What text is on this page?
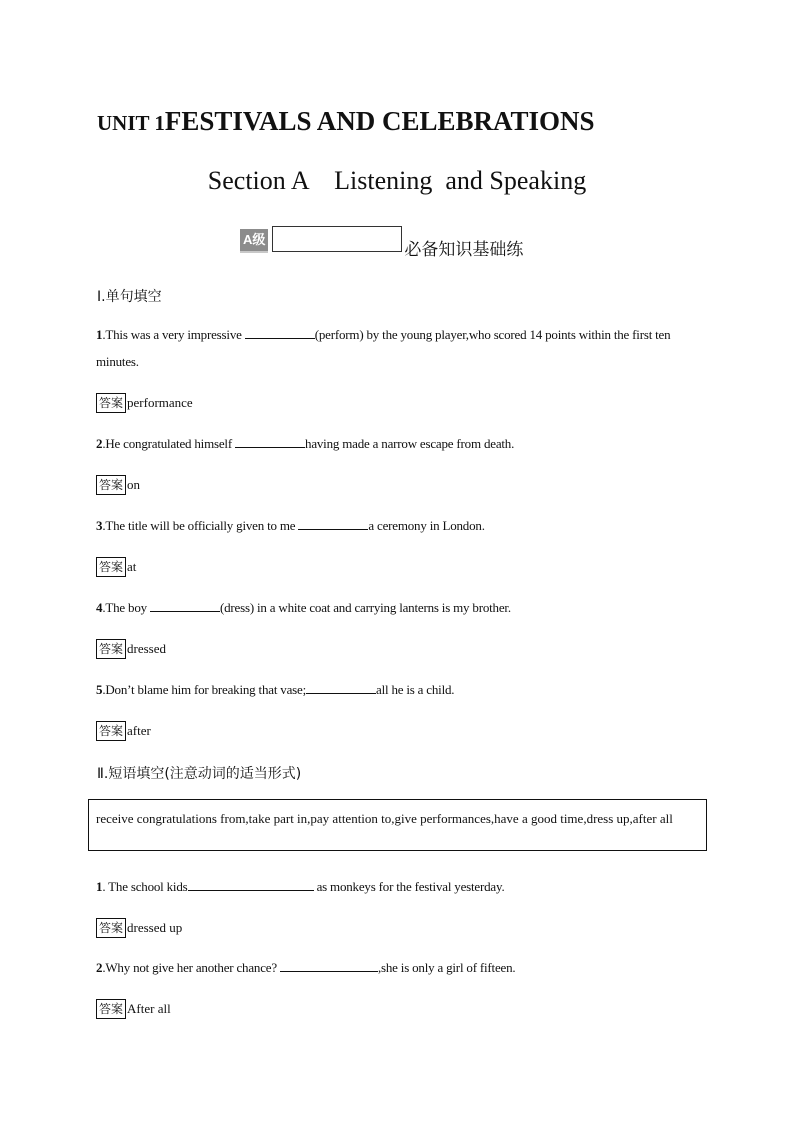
UNIT 1FESTIVALS AND CELEBRATIONS
Section A    Listening  and Speaking
A级
必备知识基础练
Ⅰ.单句填空
1.This was a very impressive	(perform) by the young player,who scored 14 points within the first ten minutes.
答案 performance
2.He congratulated himself	having made a narrow escape from death.
答案 on
3.The title will be officially given to me	a ceremony in London.
答案 at
4.The boy	(dress) in a white coat and carrying lanterns is my brother.
答案 dressed
5.Don’t blame him for breaking that vase;	all he is a child.
答案 after
Ⅱ.短语填空(注意动词的适当形式)
receive congratulations from,take part in,pay attention to,give performances,have a good time,dress up,after all
1. The school kids	as monkeys for the festival yesterday.
答案 dressed up
2.Why not give her another chance?	,she is only a girl of fifteen.
答案 After all
